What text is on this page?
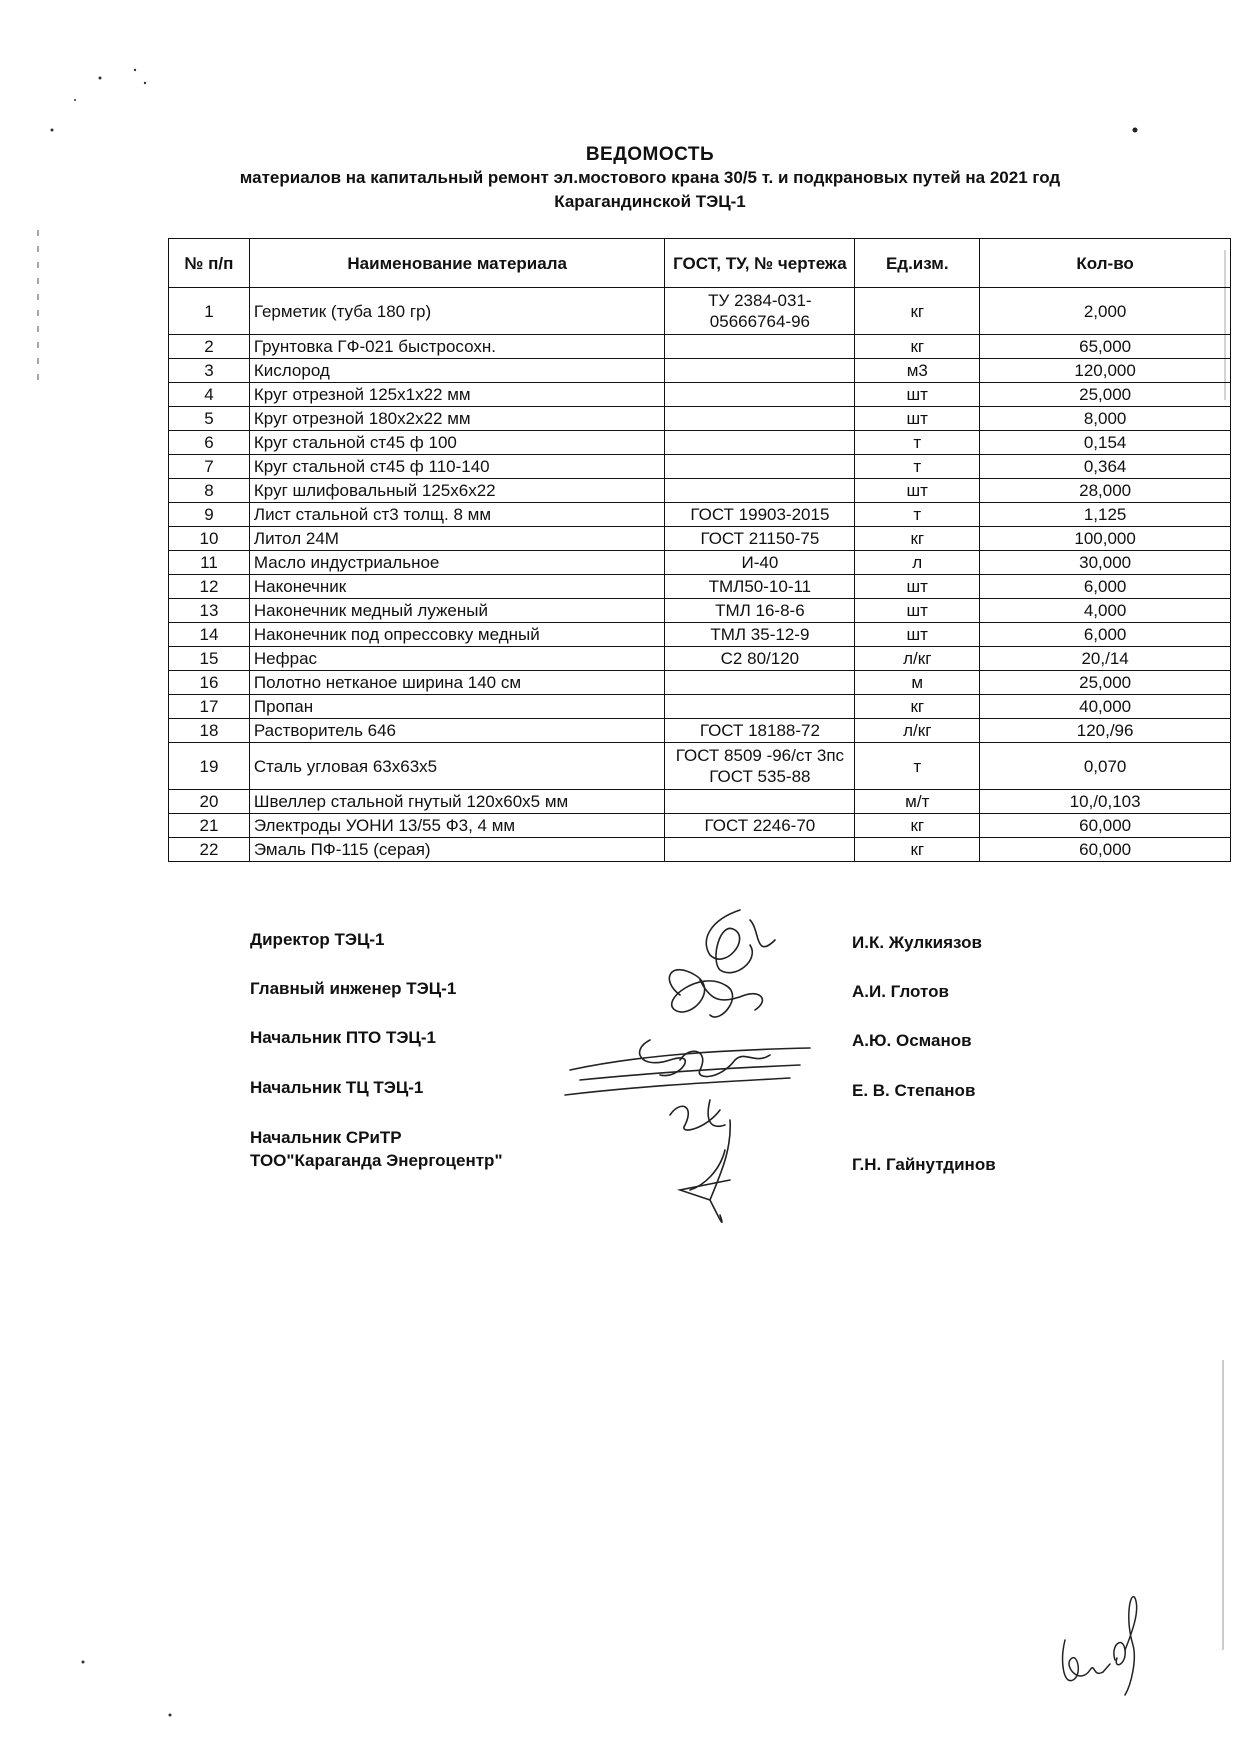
ВЕДОМОСТЬ
материалов на капитальный ремонт эл.мостового крана 30/5 т. и подкрановых путей на 2021 год
Карагандинской ТЭЦ-1
№ п/п	Наименование материала	ГОСТ, ТУ, № чертежа	Ед.изм.	Кол-во
1	Герметик (туба 180 гр)	ТУ 2384-031-05666764-96	кг	2,000
2	Грунтовка ГФ-021 быстросохн.		кг	65,000
3	Кислород		м3	120,000
4	Круг отрезной 125х1х22 мм		шт	25,000
5	Круг отрезной 180х2х22 мм		шт	8,000
6	Круг стальной ст45 ф 100		т	0,154
7	Круг стальной ст45 ф 110-140		т	0,364
8	Круг шлифовальный 125х6х22		шт	28,000
9	Лист стальной ст3 толщ. 8 мм	ГОСТ 19903-2015	т	1,125
10	Литол 24М	ГОСТ 21150-75	кг	100,000
11	Масло индустриальное	И-40	л	30,000
12	Наконечник	ТМЛ50-10-11	шт	6,000
13	Наконечник медный луженый	ТМЛ 16-8-6	шт	4,000
14	Наконечник под опрессовку медный	ТМЛ 35-12-9	шт	6,000
15	Нефрас	С2 80/120	л/кг	20,/14
16	Полотно нетканое ширина 140 см		м	25,000
17	Пропан		кг	40,000
18	Растворитель 646	ГОСТ 18188-72	л/кг	120,/96
19	Сталь угловая 63х63х5	ГОСТ 8509 -96/ст 3пс ГОСТ 535-88	т	0,070
20	Швеллер стальной гнутый 120х60х5 мм		м/т	10,/0,103
21	Электроды УОНИ 13/55 Ф3, 4 мм	ГОСТ 2246-70	кг	60,000
22	Эмаль ПФ-115 (серая)		кг	60,000
Директор ТЭЦ-1	И.К. Жулкиязов
Главный инженер ТЭЦ-1	А.И. Глотов
Начальник ПТО ТЭЦ-1	А.Ю. Османов
Начальник ТЦ ТЭЦ-1	Е. В. Степанов
Начальник СРиТР
ТОО"Караганда Энергоцентр"	Г.Н. Гайнутдинов
